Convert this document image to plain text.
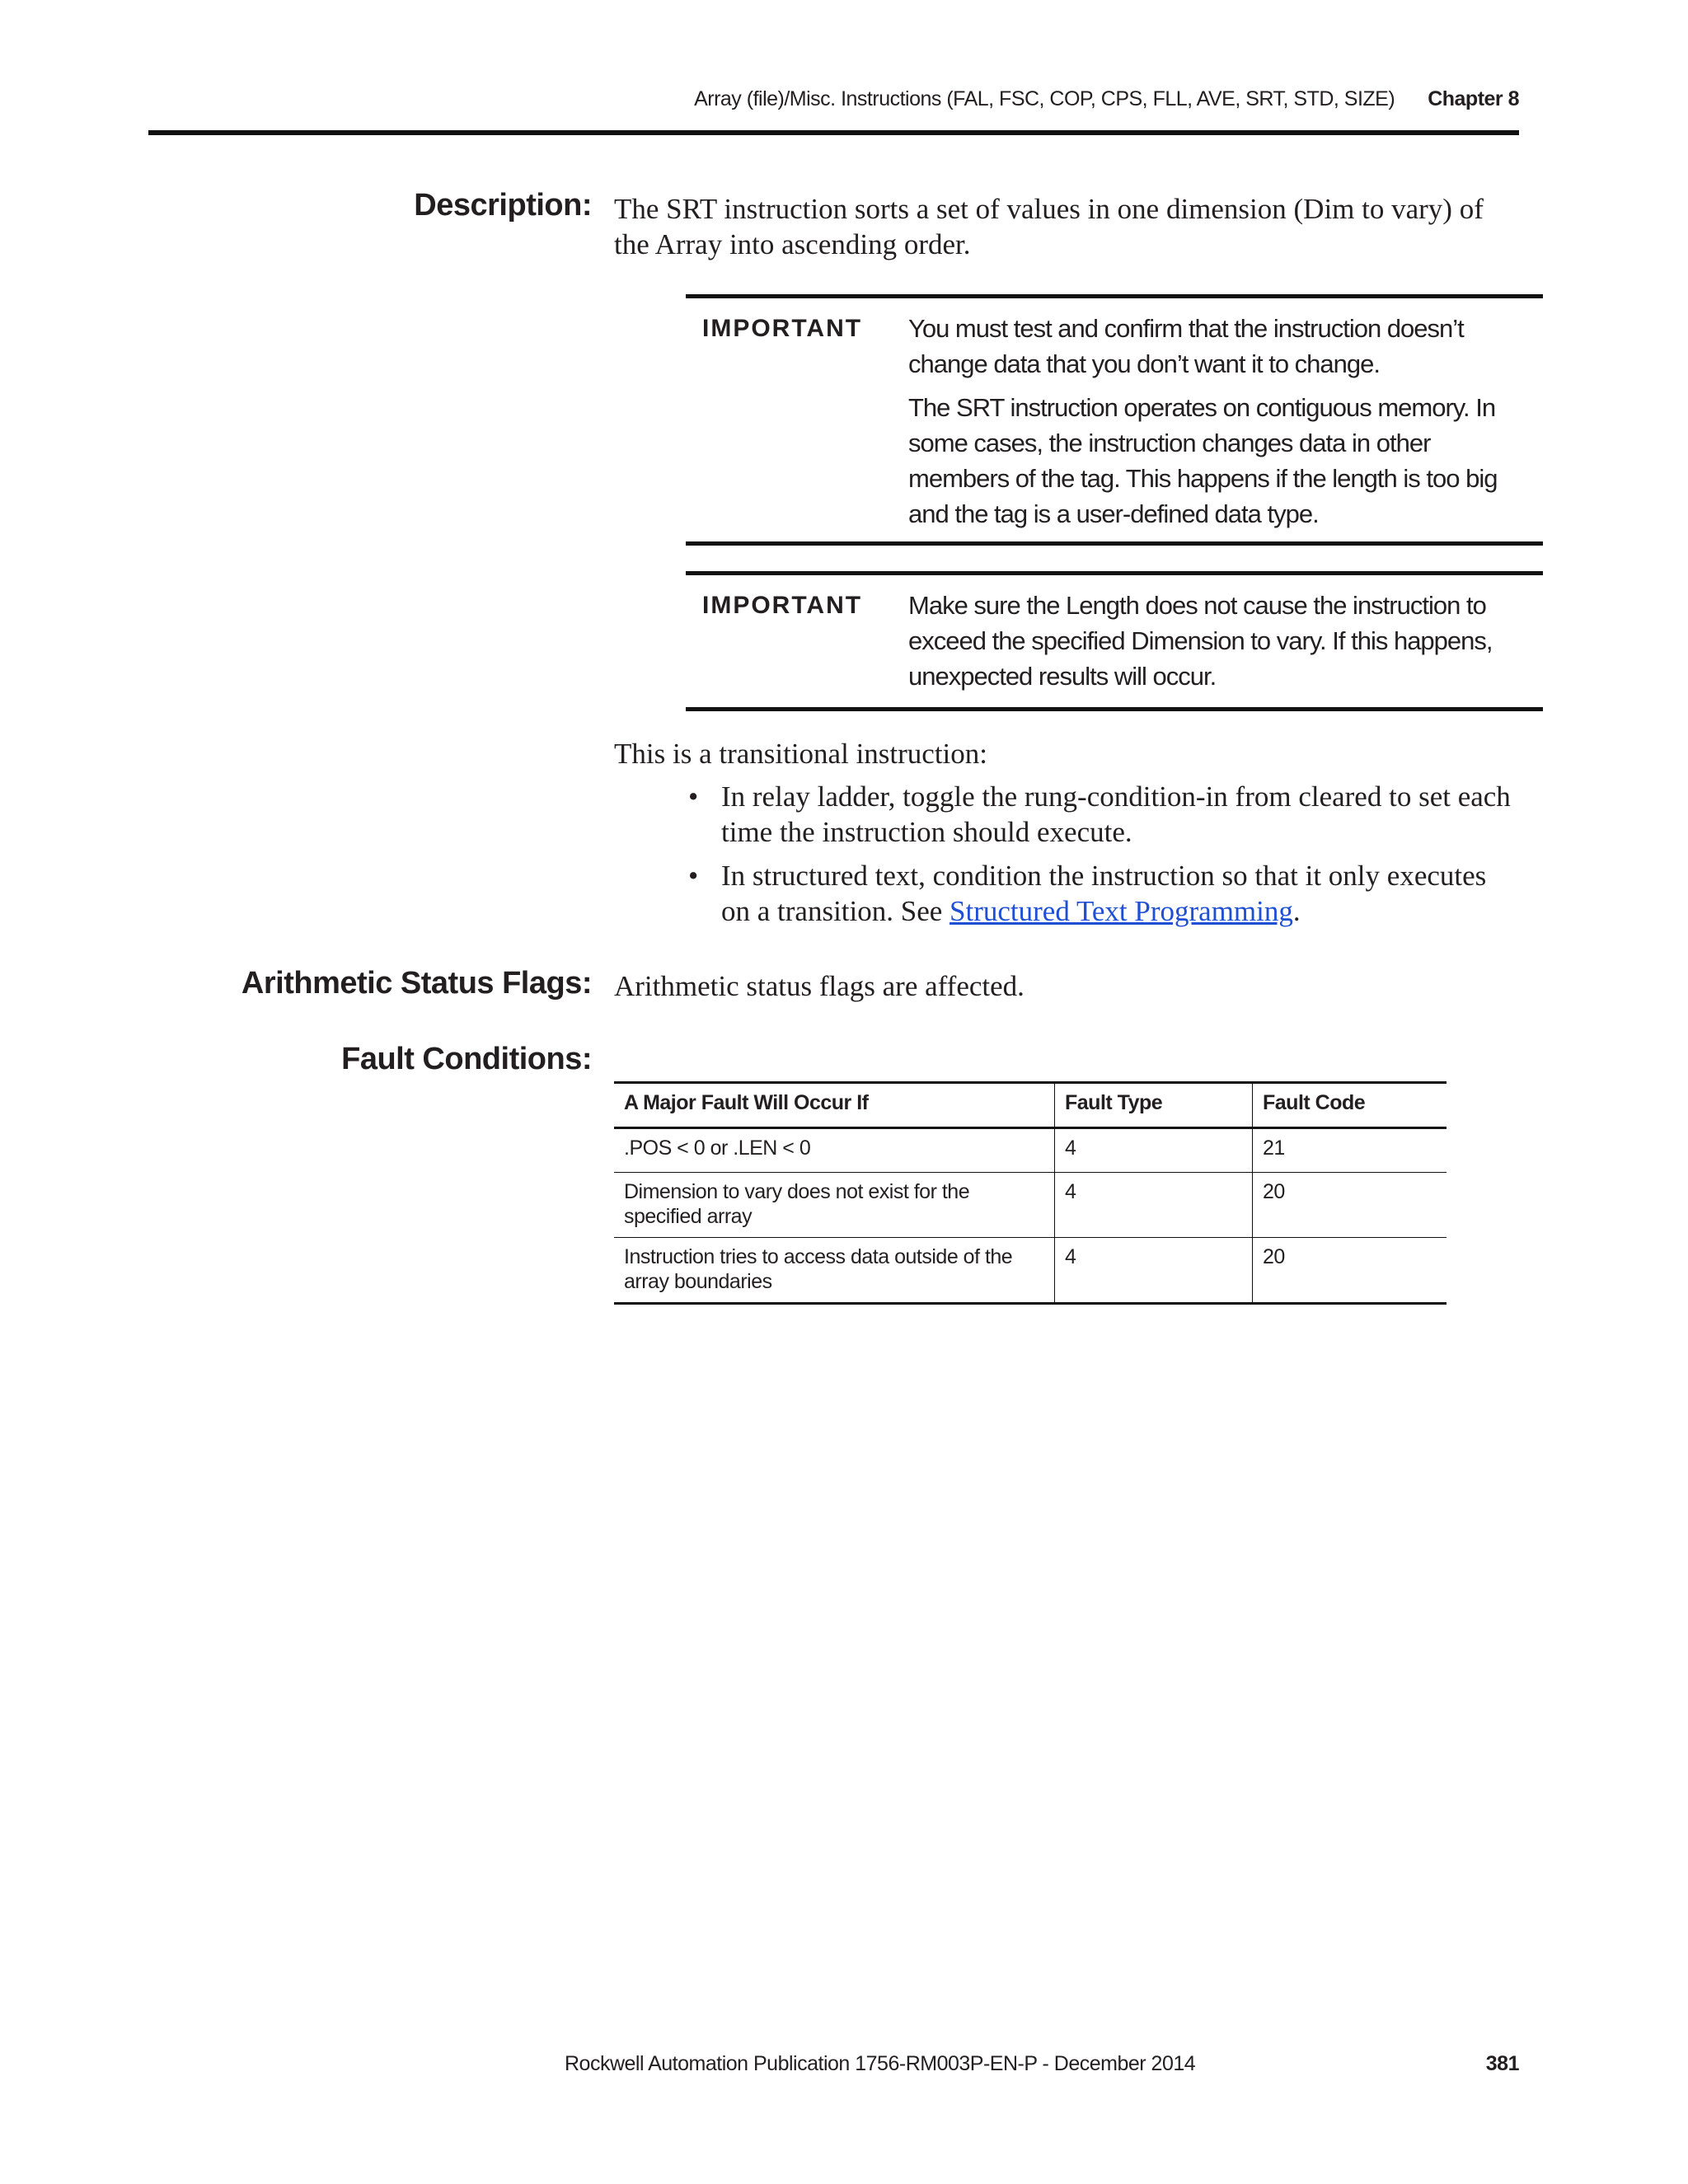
Array (file)/Misc. Instructions (FAL, FSC, COP, CPS, FLL, AVE, SRT, STD, SIZE) Chapter 8
Description: The SRT instruction sorts a set of values in one dimension (Dim to vary) of the Array into ascending order.
IMPORTANT You must test and confirm that the instruction doesn’t change data that you don’t want it to change.

The SRT instruction operates on contiguous memory. In some cases, the instruction changes data in other members of the tag. This happens if the length is too big and the tag is a user-defined data type.

IMPORTANT Make sure the Length does not cause the instruction to exceed the specified Dimension to vary. If this happens, unexpected results will occur.

This is a transitional instruction:
• In relay ladder, toggle the rung-condition-in from cleared to set each time the instruction should execute.
• In structured text, condition the instruction so that it only executes on a transition. See Structured Text Programming.
Arithmetic Status Flags: Arithmetic status flags are affected.
Fault Conditions:
A Major Fault Will Occur If	Fault Type	Fault Code
.POS < 0 or .LEN < 0	4	21
Dimension to vary does not exist for the specified array	4	20
Instruction tries to access data outside of the array boundaries	4	20
Rockwell Automation Publication 1756-RM003P-EN-P - December 2014	381
